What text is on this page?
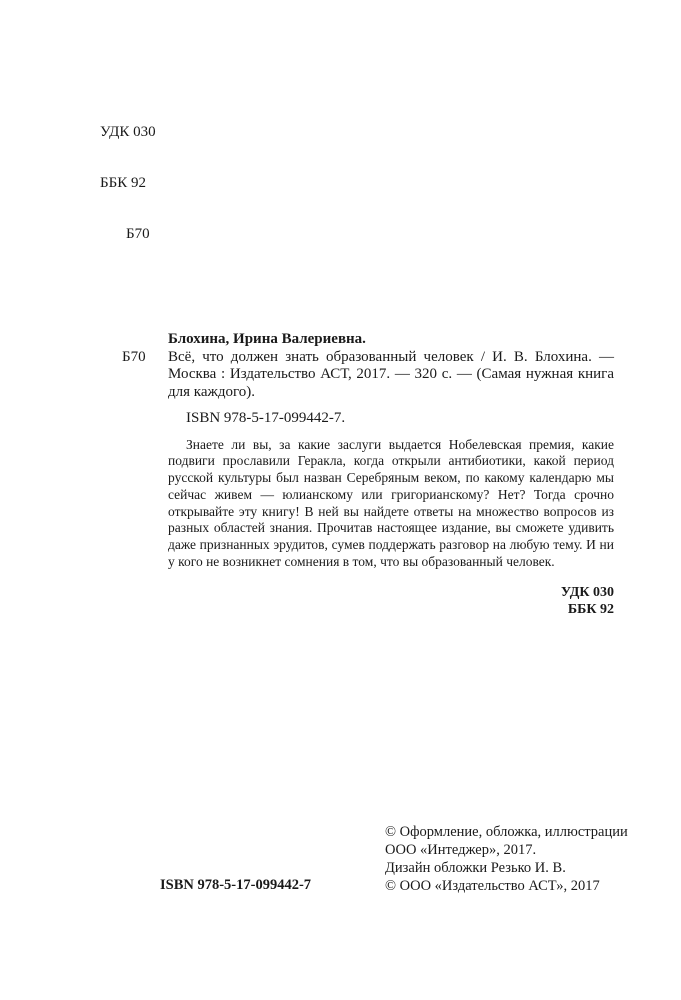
УДК 030

ББК 92

Б70

Б70
Блохина, Ирина Валериевна.

Всё, что должен знать образованный человек / И. В. Блохина. — Москва : Издательство АСТ, 2017. — 320 с. — (Самая нужная книга для каждого).

ISBN 978-5-17-099442-7.

Знаете ли вы, за какие заслуги выдается Нобелевская премия, какие подвиги прославили Геракла, когда открыли антибиотики, какой период русской культуры был назван Серебряным веком, по какому календарю мы сейчас живем — юлианскому или григорианскому? Нет? Тогда срочно открывайте эту книгу! В ней вы найдете ответы на множество вопросов из разных областей знания. Прочитав настоящее издание, вы сможете удивить даже признанных эрудитов, сумев поддержать разговор на любую тему. И ни у кого не возникнет сомнения в том, что вы образованный человек.

УДК 030
ББК 92
© Оформление, обложка, иллюстрации
ООО «Интеджер», 2017.
Дизайн обложки Резько И. В.
© ООО «Издательство АСТ», 2017
ISBN 978-5-17-099442-7
